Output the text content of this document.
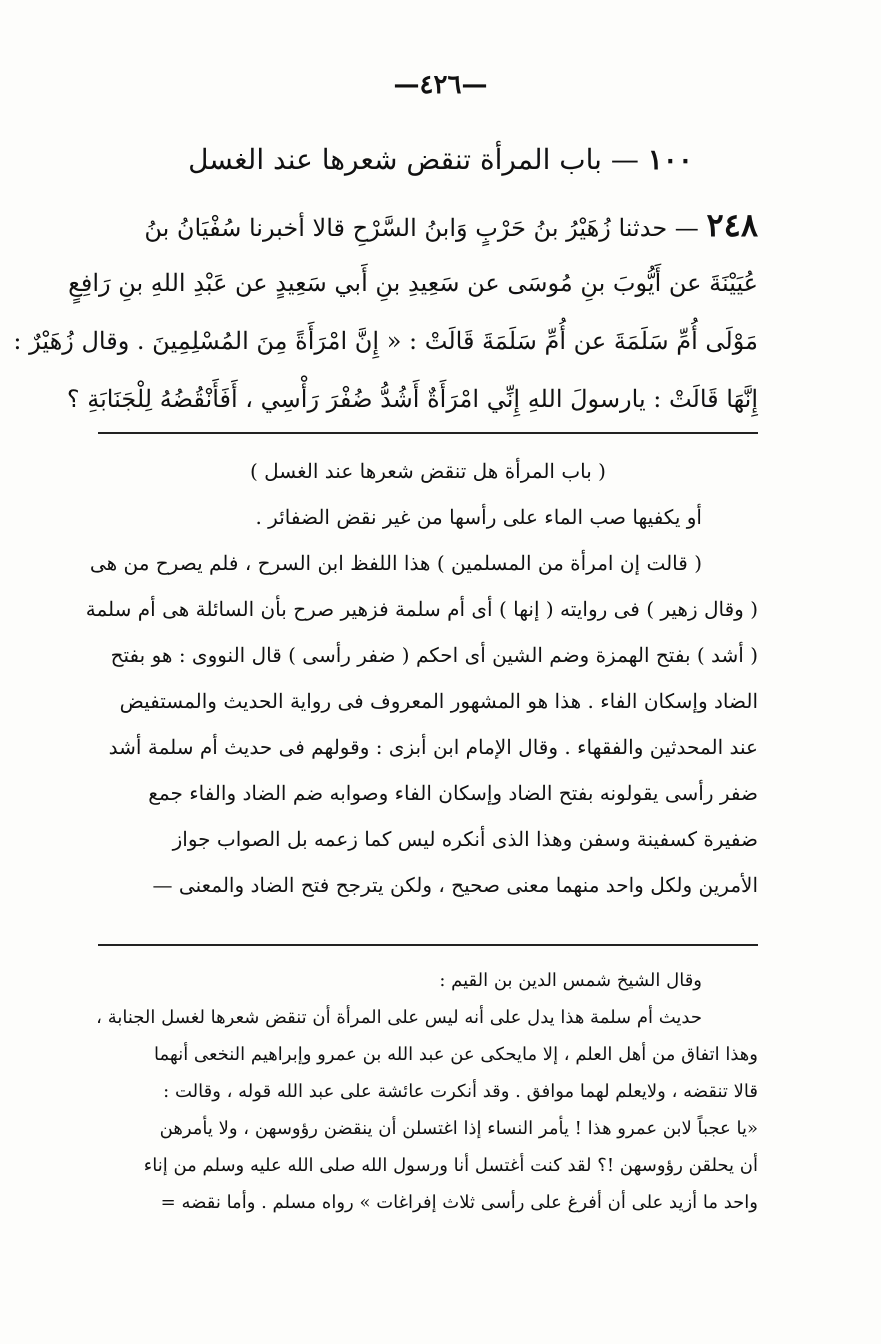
—٤٢٦—
١٠٠ — باب المرأة تنقض شعرها عند الغسل
٢٤٨ — حدثنا زُهَيْرُ بنُ حَرْبٍ وَابنُ السَّرْحِ قالا أخبرنا سُفْيَانُ بنُ
عُيَيْنَةَ عن أَيُّوبَ بنِ مُوسَى عن سَعِيدِ بنِ أَبي سَعِيدٍ عن عَبْدِ اللهِ بنِ رَافِعٍ
مَوْلَى أُمِّ سَلَمَةَ عن أُمِّ سَلَمَةَ قَالَتْ : « إِنَّ امْرَأَةً مِنَ المُسْلِمِينَ . وقال زُهَيْرٌ :
إِنَّهَا قَالَتْ : يارسولَ اللهِ إِنِّي امْرَأَةٌ أَشُدُّ ضُفْرَ رَأْسِي ، أَفَأَنْقُضُهُ لِلْجَنَابَةِ ؟
( باب المرأة هل تنقض شعرها عند الغسل )
أو يكفيها صب الماء على رأسها من غير نقض الضفائر .
( قالت إن امرأة من المسلمين ) هذا اللفظ ابن السرح ، فلم يصرح من هى
( وقال زهير ) فى روايته ( إنها ) أى أم سلمة فزهير صرح بأن السائلة هى أم سلمة
( أشد ) بفتح الهمزة وضم الشين أى احكم ( ضفر رأسى ) قال النووى : هو بفتح
الضاد وإسكان الفاء . هذا هو المشهور المعروف فى رواية الحديث والمستفيض
عند المحدثين والفقهاء . وقال الإمام ابن أبزى : وقولهم فى حديث أم سلمة أشد
ضفر رأسى يقولونه بفتح الضاد وإسكان الفاء وصوابه ضم الضاد والفاء جمع
ضفيرة كسفينة وسفن وهذا الذى أنكره ليس كما زعمه بل الصواب جواز
الأمرين ولكل واحد منهما معنى صحيح ، ولكن يترجح فتح الضاد والمعنى —
وقال الشيخ شمس الدين بن القيم :
حديث أم سلمة هذا يدل على أنه ليس على المرأة أن تنقض شعرها لغسل الجنابة ،
وهذا اتفاق من أهل العلم ، إلا مايحكى عن عبد الله بن عمرو وإبراهيم النخعى أنهما
قالا تنقضه ، ولايعلم لهما موافق . وقد أنكرت عائشة على عبد الله قوله ، وقالت :
«يا عجباً لابن عمرو هذا ! يأمر النساء إذا اغتسلن أن ينقضن رؤوسهن ، ولا يأمرهن
أن يحلقن رؤوسهن !؟ لقد كنت أغتسل أنا ورسول الله صلى الله عليه وسلم من إناء
واحد ما أزيد على أن أفرغ على رأسى ثلاث إفراغات » رواه مسلم . وأما نقضه =
